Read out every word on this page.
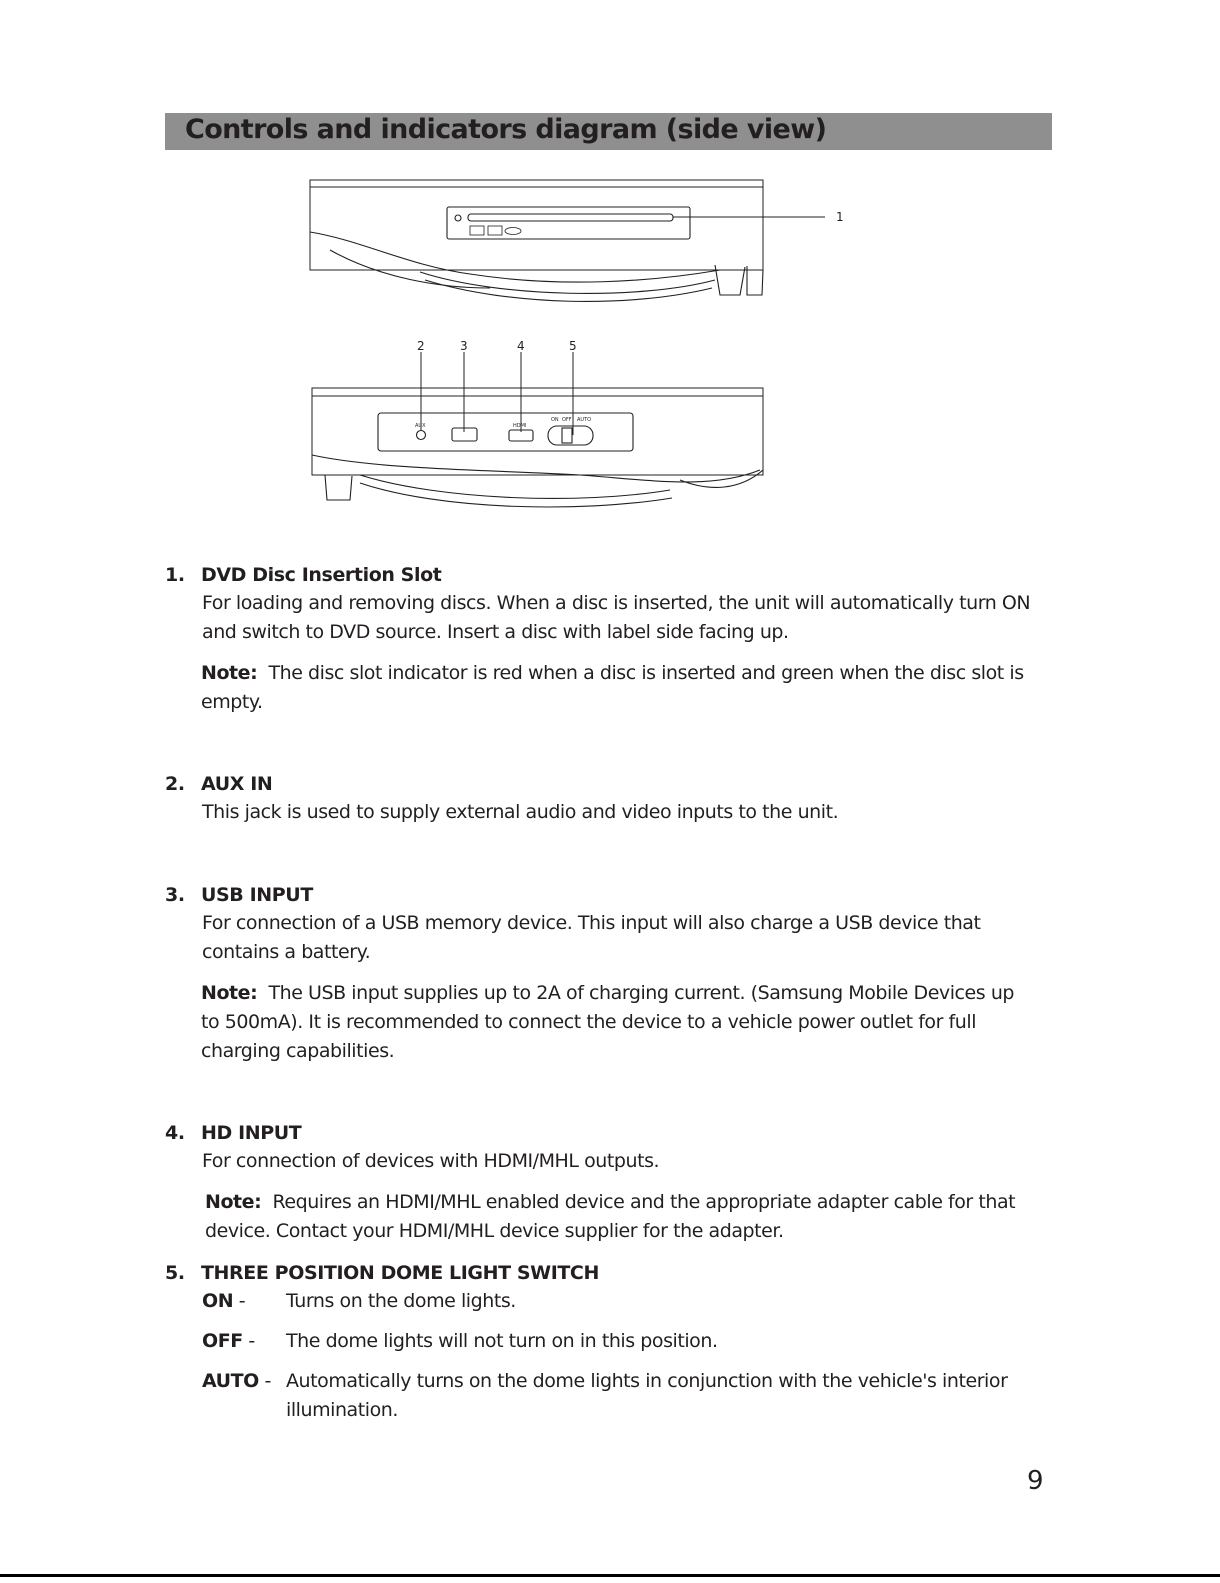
Controls and indicators diagram (side view)
1
AUX	HDMI
ON OFF AUTO
2	3	4	5
1. DVD Disc Insertion Slot
For loading and removing discs. When a disc is inserted, the unit will automatically turn ON and switch to DVD source. Insert a disc with label side facing up.
Note: The disc slot indicator is red when a disc is inserted and green when the disc slot is empty.
2. AUX IN
This jack is used to supply external audio and video inputs to the unit.
3. USB INPUT
For connection of a USB memory device. This input will also charge a USB device that contains a battery.
Note: The USB input supplies up to 2A of charging current. (Samsung Mobile Devices up to 500mA). It is recommended to connect the device to a vehicle power outlet for full charging capabilities.
4. HD INPUT
For connection of devices with HDMI/MHL outputs.
Note: Requires an HDMI/MHL enabled device and the appropriate adapter cable for that device. Contact your HDMI/MHL device supplier for the adapter.
5. THREE POSITION DOME LIGHT SWITCH
ON -	Turns on the dome lights.
OFF -	The dome lights will not turn on in this position.
AUTO - Automatically turns on the dome lights in conjunction with the vehicle's interior illumination.
9
